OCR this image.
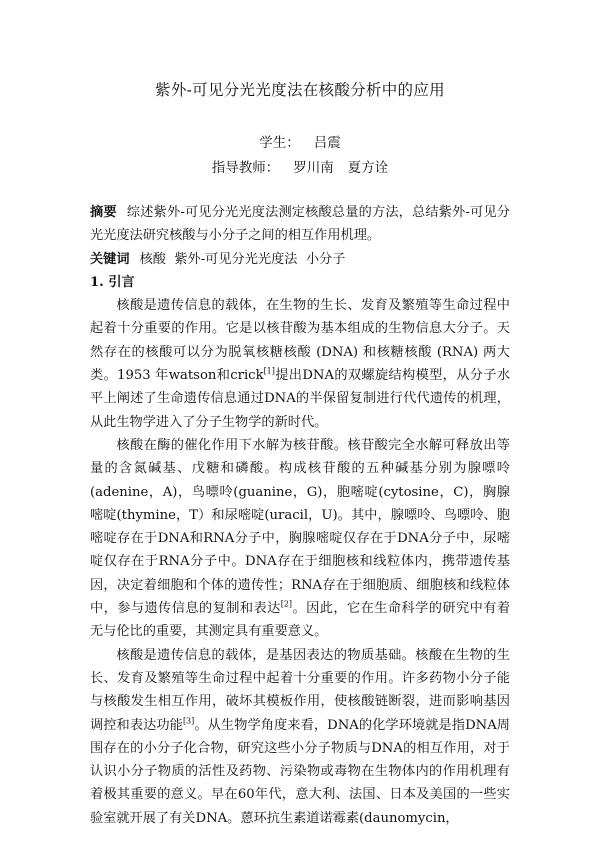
紫外-可见分光光度法在核酸分析中的应用
学生： 吕震
指导教师： 罗川南 夏方诠

摘要 综述紫外-可见分光光度法测定核酸总量的方法，总结紫外-可见分光光度法研究核酸与小分子之间的相互作用机理。

关键词 核酸  紫外-可见分光光度法  小分子

1. 引言

核酸是遗传信息的载体，在生物的生长、发育及繁殖等生命过程中起着十分重要的作用。它是以核苷酸为基本组成的生物信息大分子。天然存在的核酸可以分为脱氧核糖核酸 (DNA) 和核糖核酸 (RNA) 两大类。1953 年watson和crick[1]提出DNA的双螺旋结构模型，从分子水平上阐述了生命遗传信息通过DNA的半保留复制进行代代遗传的机理，从此生物学进入了分子生物学的新时代。

核酸在酶的催化作用下水解为核苷酸。核苷酸完全水解可释放出等量的含氮碱基、戊糖和磷酸。构成核苷酸的五种碱基分别为腺嘌呤(adenine，A)，鸟嘌呤(guanine，G)，胞嘧啶(cytosine，C)，胸腺嘧啶(thymine，T）和尿嘧啶(uracil，U)。其中，腺嘌呤、鸟嘌呤、胞嘧啶存在于DNA和RNA分子中，胸腺嘧啶仅存在于DNA分子中，尿嘧啶仅存在于RNA分子中。DNA存在于细胞核和线粒体内，携带遗传基因，决定着细胞和个体的遗传性；RNA存在于细胞质、细胞核和线粒体中，参与遗传信息的复制和表达[2]。因此，它在生命科学的研究中有着无与伦比的重要，其测定具有重要意义。

核酸是遗传信息的载体，是基因表达的物质基础。核酸在生物的生长、发育及繁殖等生命过程中起着十分重要的作用。许多药物小分子能与核酸发生相互作用，破坏其模板作用，使核酸链断裂，进而影响基因调控和表达功能[3]。从生物学角度来看，DNA的化学环境就是指DNA周围存在的小分子化合物，研究这些小分子物质与DNA的相互作用，对于认识小分子物质的活性及药物、污染物或毒物在生物体内的作用机理有着极其重要的意义。早在60年代，意大利、法国、日本及美国的一些实验室就开展了有关DNA。蒽环抗生素道诺霉素(daunomycin，
